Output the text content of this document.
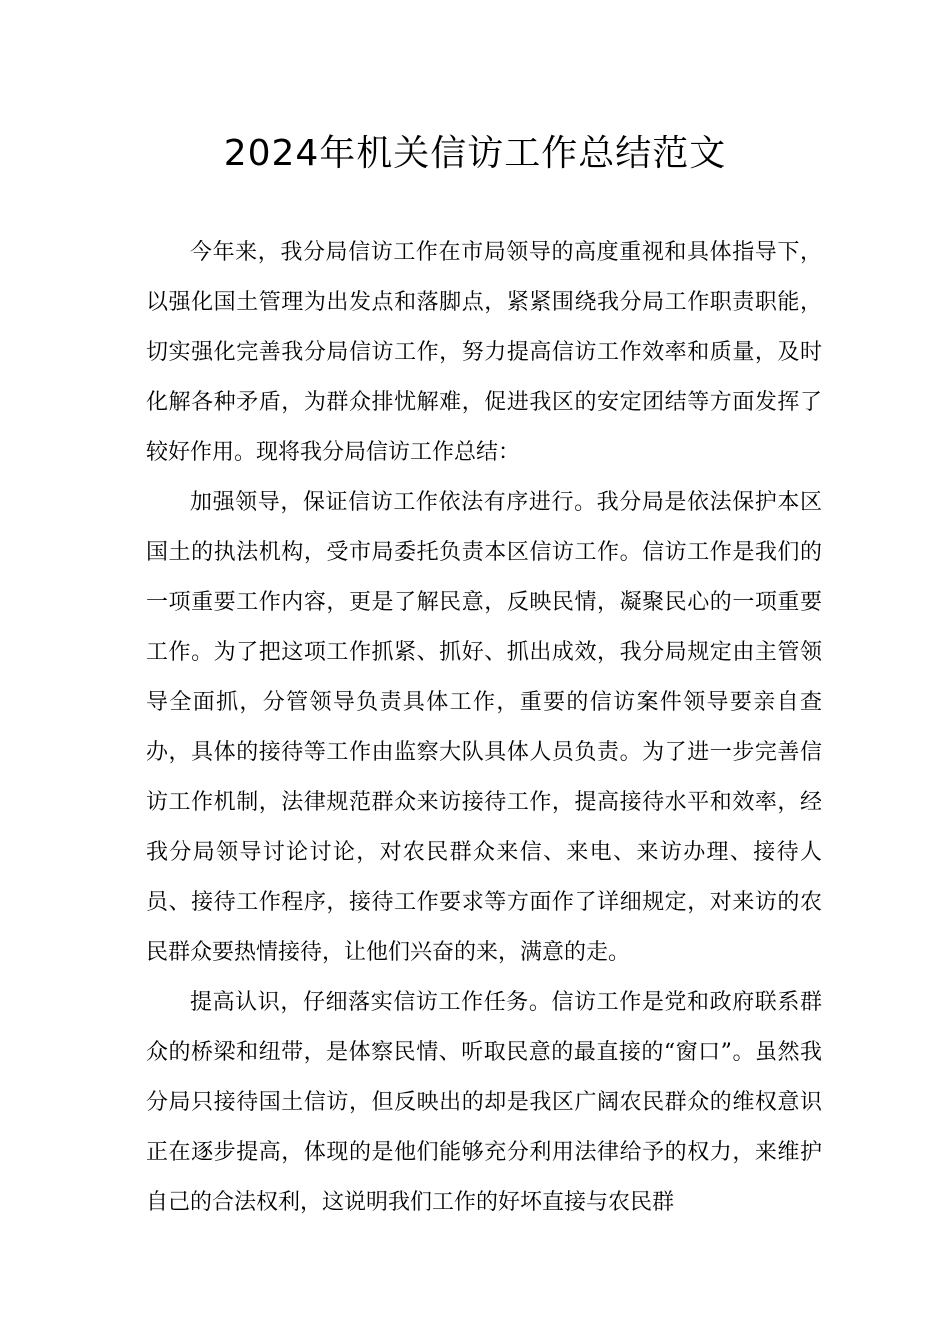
2024年机关信访工作总结范文

今年来，我分局信访工作在市局领导的高度重视和具体指导下，以强化国土管理为出发点和落脚点，紧紧围绕我分局工作职责职能，切实强化完善我分局信访工作，努力提高信访工作效率和质量，及时化解各种矛盾，为群众排忧解难，促进我区的安定团结等方面发挥了较好作用。现将我分局信访工作总结：

加强领导，保证信访工作依法有序进行。我分局是依法保护本区国土的执法机构，受市局委托负责本区信访工作。信访工作是我们的一项重要工作内容，更是了解民意，反映民情，凝聚民心的一项重要工作。为了把这项工作抓紧、抓好、抓出成效，我分局规定由主管领导全面抓，分管领导负责具体工作，重要的信访案件领导要亲自查办，具体的接待等工作由监察大队具体人员负责。为了进一步完善信访工作机制，法律规范群众来访接待工作，提高接待水平和效率，经我分局领导讨论讨论，对农民群众来信、来电、来访办理、接待人员、接待工作程序，接待工作要求等方面作了详细规定，对来访的农民群众要热情接待，让他们兴奋的来，满意的走。

提高认识，仔细落实信访工作任务。信访工作是党和政府联系群众的桥梁和纽带，是体察民情、听取民意的最直接的“窗口”。虽然我分局只接待国土信访，但反映出的却是我区广阔农民群众的维权意识正在逐步提高，体现的是他们能够充分利用法律给予的权力，来维护自己的合法权利，这说明我们工作的好坏直接与农民群
